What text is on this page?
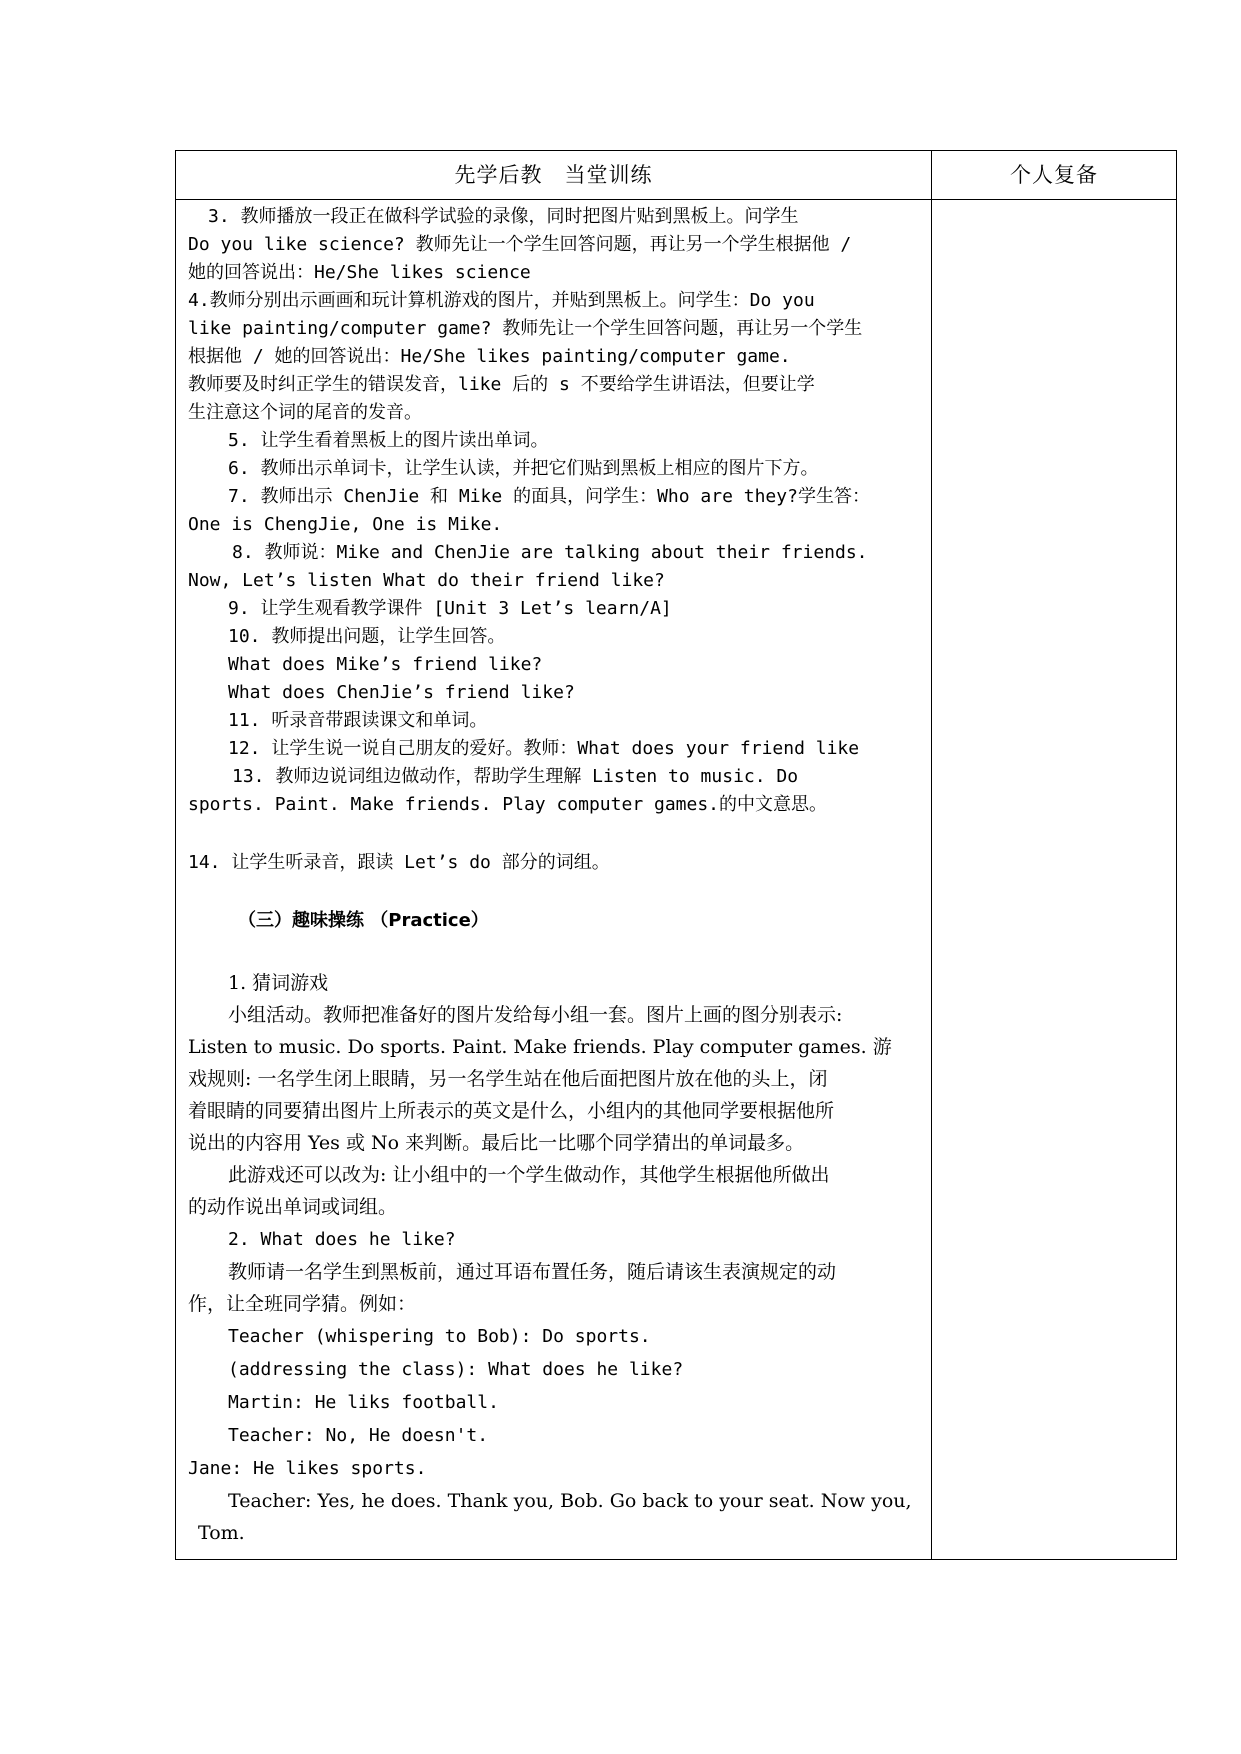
先学后教　当堂训练	个人复备
3. 教师播放一段正在做科学试验的录像，同时把图片贴到黑板上。问学生
Do you like science? 教师先让一个学生回答问题，再让另一个学生根据他 /
她的回答说出：He/She likes science
4.教师分别出示画画和玩计算机游戏的图片，并贴到黑板上。问学生：Do you
like painting/computer game? 教师先让一个学生回答问题，再让另一个学生
根据他 / 她的回答说出：He/She likes painting/computer game.
教师要及时纠正学生的错误发音，like 后的 s 不要给学生讲语法，但要让学
生注意这个词的尾音的发音。
5. 让学生看着黑板上的图片读出单词。
6. 教师出示单词卡，让学生认读，并把它们贴到黑板上相应的图片下方。
7. 教师出示 ChenJie 和 Mike 的面具，问学生：Who are they?学生答：
One is ChengJie, One is Mike.
8. 教师说：Mike and ChenJie are talking about their friends.
Now, Let’s listen What do their friend like?
9. 让学生观看教学课件 [Unit 3 Let’s learn/A]
10. 教师提出问题，让学生回答。
What does Mike’s friend like?
What does ChenJie’s friend like?
11. 听录音带跟读课文和单词。
12. 让学生说一说自己朋友的爱好。教师：What does your friend like
13. 教师边说词组边做动作，帮助学生理解 Listen to music. Do
sports. Paint. Make friends. Play computer games.的中文意思。
14. 让学生听录音，跟读 Let’s do 部分的词组。
（三）趣味操练 （Practice）
1. 猜词游戏
小组活动。教师把准备好的图片发给每小组一套。图片上画的图分别表示:
Listen to music. Do sports. Paint. Make friends. Play computer games. 游
戏规则: 一名学生闭上眼睛，另一名学生站在他后面把图片放在他的头上，闭
着眼睛的同要猜出图片上所表示的英文是什么，小组内的其他同学要根据他所
说出的内容用 Yes 或 No 来判断。最后比一比哪个同学猜出的单词最多。
此游戏还可以改为: 让小组中的一个学生做动作，其他学生根据他所做出
的动作说出单词或词组。
2. What does he like?
教师请一名学生到黑板前，通过耳语布置任务，随后请该生表演规定的动
作，让全班同学猜。例如：
Teacher (whispering to Bob): Do sports.
(addressing the class): What does he like?
Martin: He liks football.
Teacher: No, He doesn't.
Jane: He likes sports.
Teacher: Yes, he does. Thank you, Bob. Go back to your seat. Now you,
Tom.
